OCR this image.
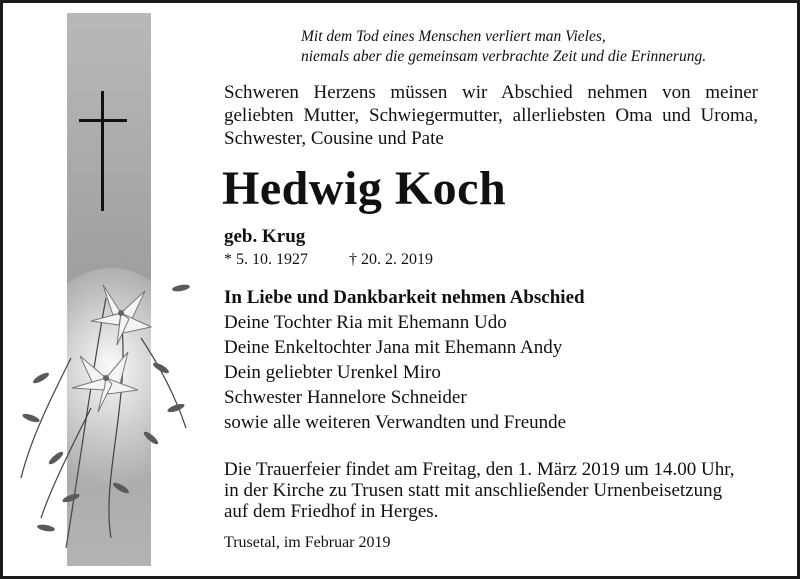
Mit dem Tod eines Menschen verliert man Vieles,
niemals aber die gemeinsam verbrachte Zeit und die Erinnerung.
Schweren Herzens müssen wir Abschied nehmen von meiner geliebten Mutter, Schwiegermutter, allerliebsten Oma und Uroma, Schwester, Cousine und Pate
Hedwig Koch
geb. Krug
* 5. 10. 1927	† 20. 2. 2019
In Liebe und Dankbarkeit nehmen Abschied
Deine Tochter Ria mit Ehemann Udo
Deine Enkeltochter Jana mit Ehemann Andy
Dein geliebter Urenkel Miro
Schwester Hannelore Schneider
sowie alle weiteren Verwandten und Freunde
Die Trauerfeier findet am Freitag, den 1. März 2019 um 14.00 Uhr,
in der Kirche zu Trusen statt mit anschließender Urnenbeisetzung
auf dem Friedhof in Herges.
Trusetal, im Februar 2019
